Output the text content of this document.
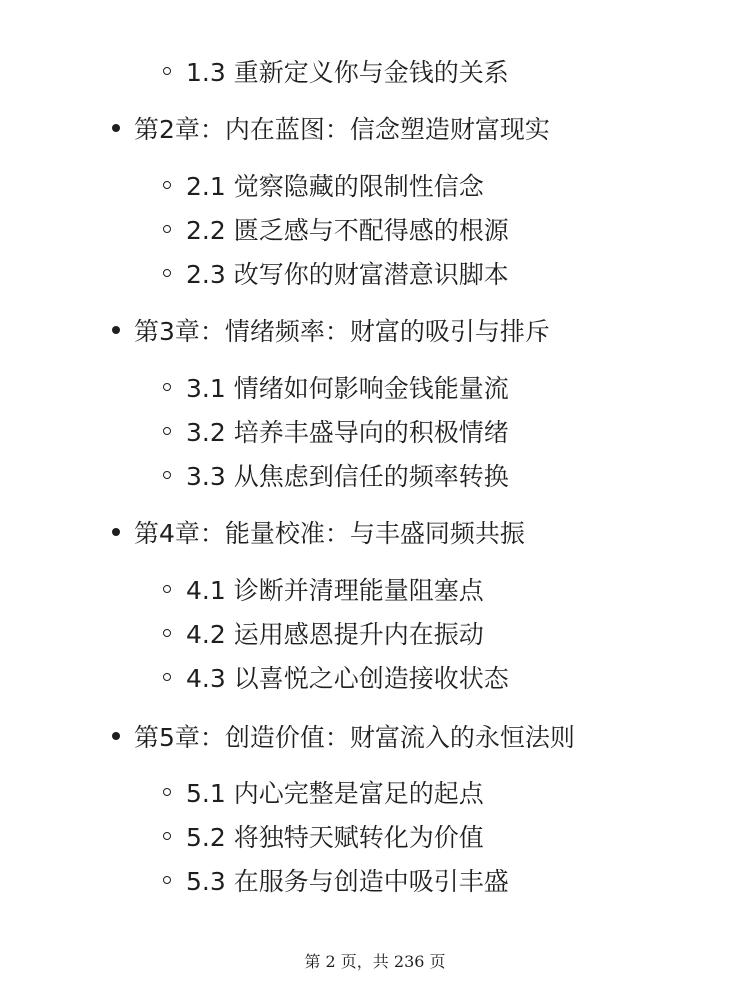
1.3 重新定义你与金钱的关系
第2章：内在蓝图：信念塑造财富现实
2.1 觉察隐藏的限制性信念
2.2 匮乏感与不配得感的根源
2.3 改写你的财富潜意识脚本
第3章：情绪频率：财富的吸引与排斥
3.1 情绪如何影响金钱能量流
3.2 培养丰盛导向的积极情绪
3.3 从焦虑到信任的频率转换
第4章：能量校准：与丰盛同频共振
4.1 诊断并清理能量阻塞点
4.2 运用感恩提升内在振动
4.3 以喜悦之心创造接收状态
第5章：创造价值：财富流入的永恒法则
5.1 内心完整是富足的起点
5.2 将独特天赋转化为价值
5.3 在服务与创造中吸引丰盛
第 2 页，共 236 页
